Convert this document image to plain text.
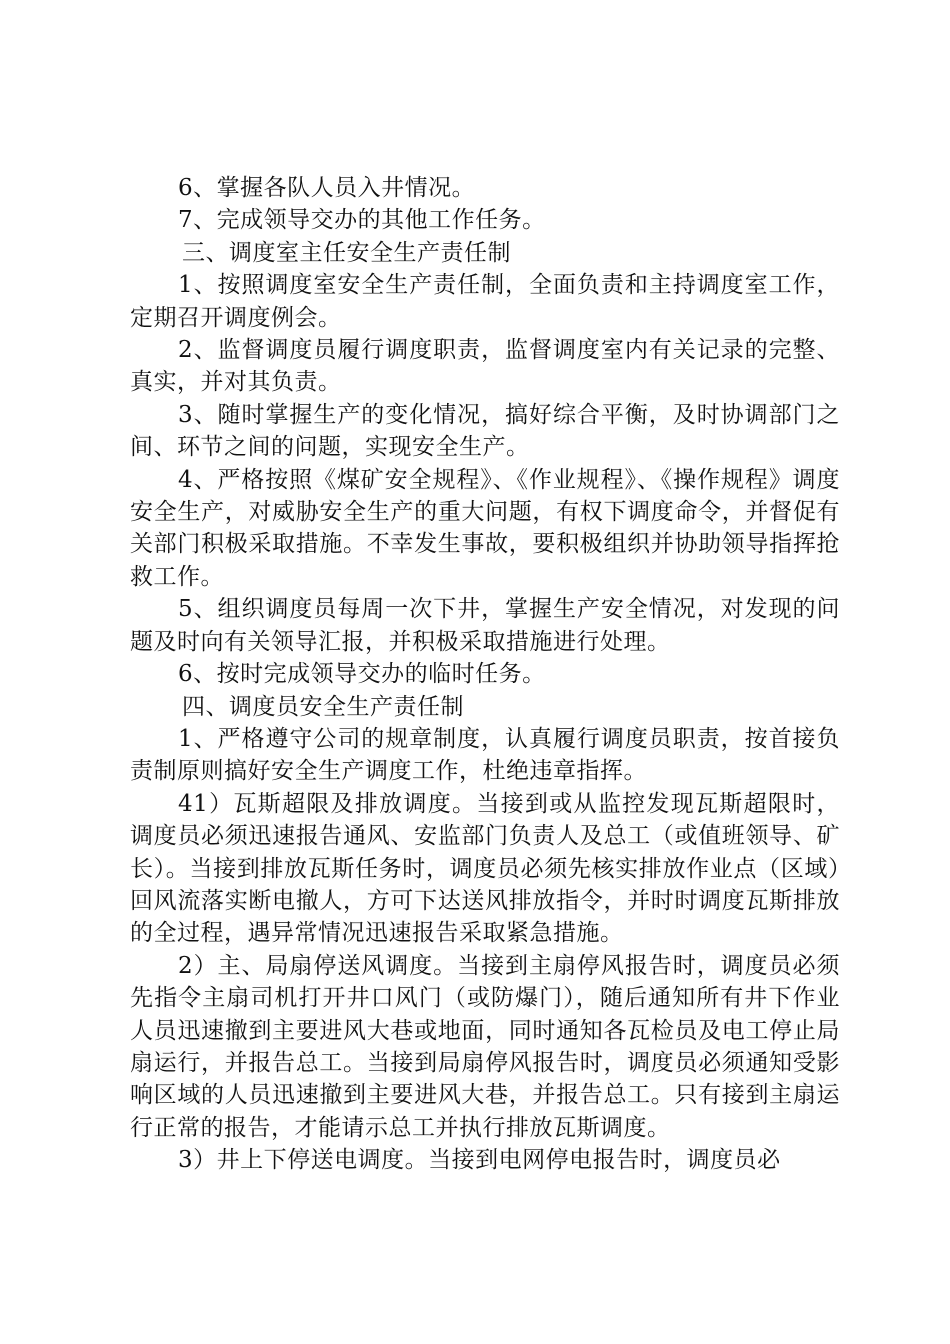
6、掌握各队人员入井情况。

7、完成领导交办的其他工作任务。

三、调度室主任安全生产责任制

1、按照调度室安全生产责任制，全面负责和主持调度室工作，定期召开调度例会。

2、监督调度员履行调度职责，监督调度室内有关记录的完整、真实，并对其负责。

3、随时掌握生产的变化情况，搞好综合平衡，及时协调部门之间、环节之间的问题，实现安全生产。

4、严格按照《煤矿安全规程》、《作业规程》、《操作规程》调度安全生产，对威胁安全生产的重大问题，有权下调度命令，并督促有关部门积极采取措施。不幸发生事故，要积极组织并协助领导指挥抢救工作。

5、组织调度员每周一次下井，掌握生产安全情况，对发现的问题及时向有关领导汇报，并积极采取措施进行处理。

6、按时完成领导交办的临时任务。

四、调度员安全生产责任制

1、严格遵守公司的规章制度，认真履行调度员职责，按首接负责制原则搞好安全生产调度工作，杜绝违章指挥。

41）瓦斯超限及排放调度。当接到或从监控发现瓦斯超限时，调度员必须迅速报告通风、安监部门负责人及总工（或值班领导、矿长）。当接到排放瓦斯任务时，调度员必须先核实排放作业点（区域）回风流落实断电撤人，方可下达送风排放指令，并时时调度瓦斯排放的全过程，遇异常情况迅速报告采取紧急措施。

2）主、局扇停送风调度。当接到主扇停风报告时，调度员必须先指令主扇司机打开井口风门（或防爆门），随后通知所有井下作业人员迅速撤到主要进风大巷或地面，同时通知各瓦检员及电工停止局扇运行，并报告总工。当接到局扇停风报告时，调度员必须通知受影响区域的人员迅速撤到主要进风大巷，并报告总工。只有接到主扇运行正常的报告，才能请示总工并执行排放瓦斯调度。

3）井上下停送电调度。当接到电网停电报告时，调度员必
